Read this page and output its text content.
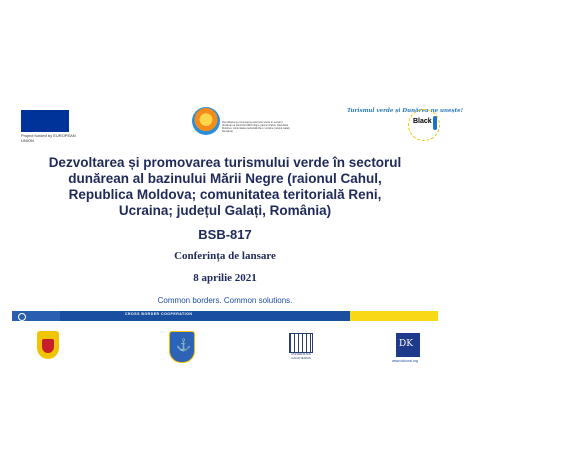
Project funded by EUROPEAN UNION
Turismul verde și Dunărea ne unește!
Dezvoltarea și promovarea turismului verde în sectorul dunărean al bazinului Mării Negre (raionul Cahul, Republica Moldova; comunitatea teritorială Reni, Ucraina; județul Galați, România)
Black
Dezvoltarea și promovarea turismului verde în sectorul dunărean al bazinului Mării Negre (raionul Cahul, Republica Moldova; comunitatea teritorială Reni, Ucraina; județul Galați, România)
BSB-817
Conferința de lansare
8 aprilie 2021
Common borders. Common solutions.
CROSS BORDER COOPERATION
⚓
UNIVERSITAS GALATIENSIS
DK
www.dokoral.org
